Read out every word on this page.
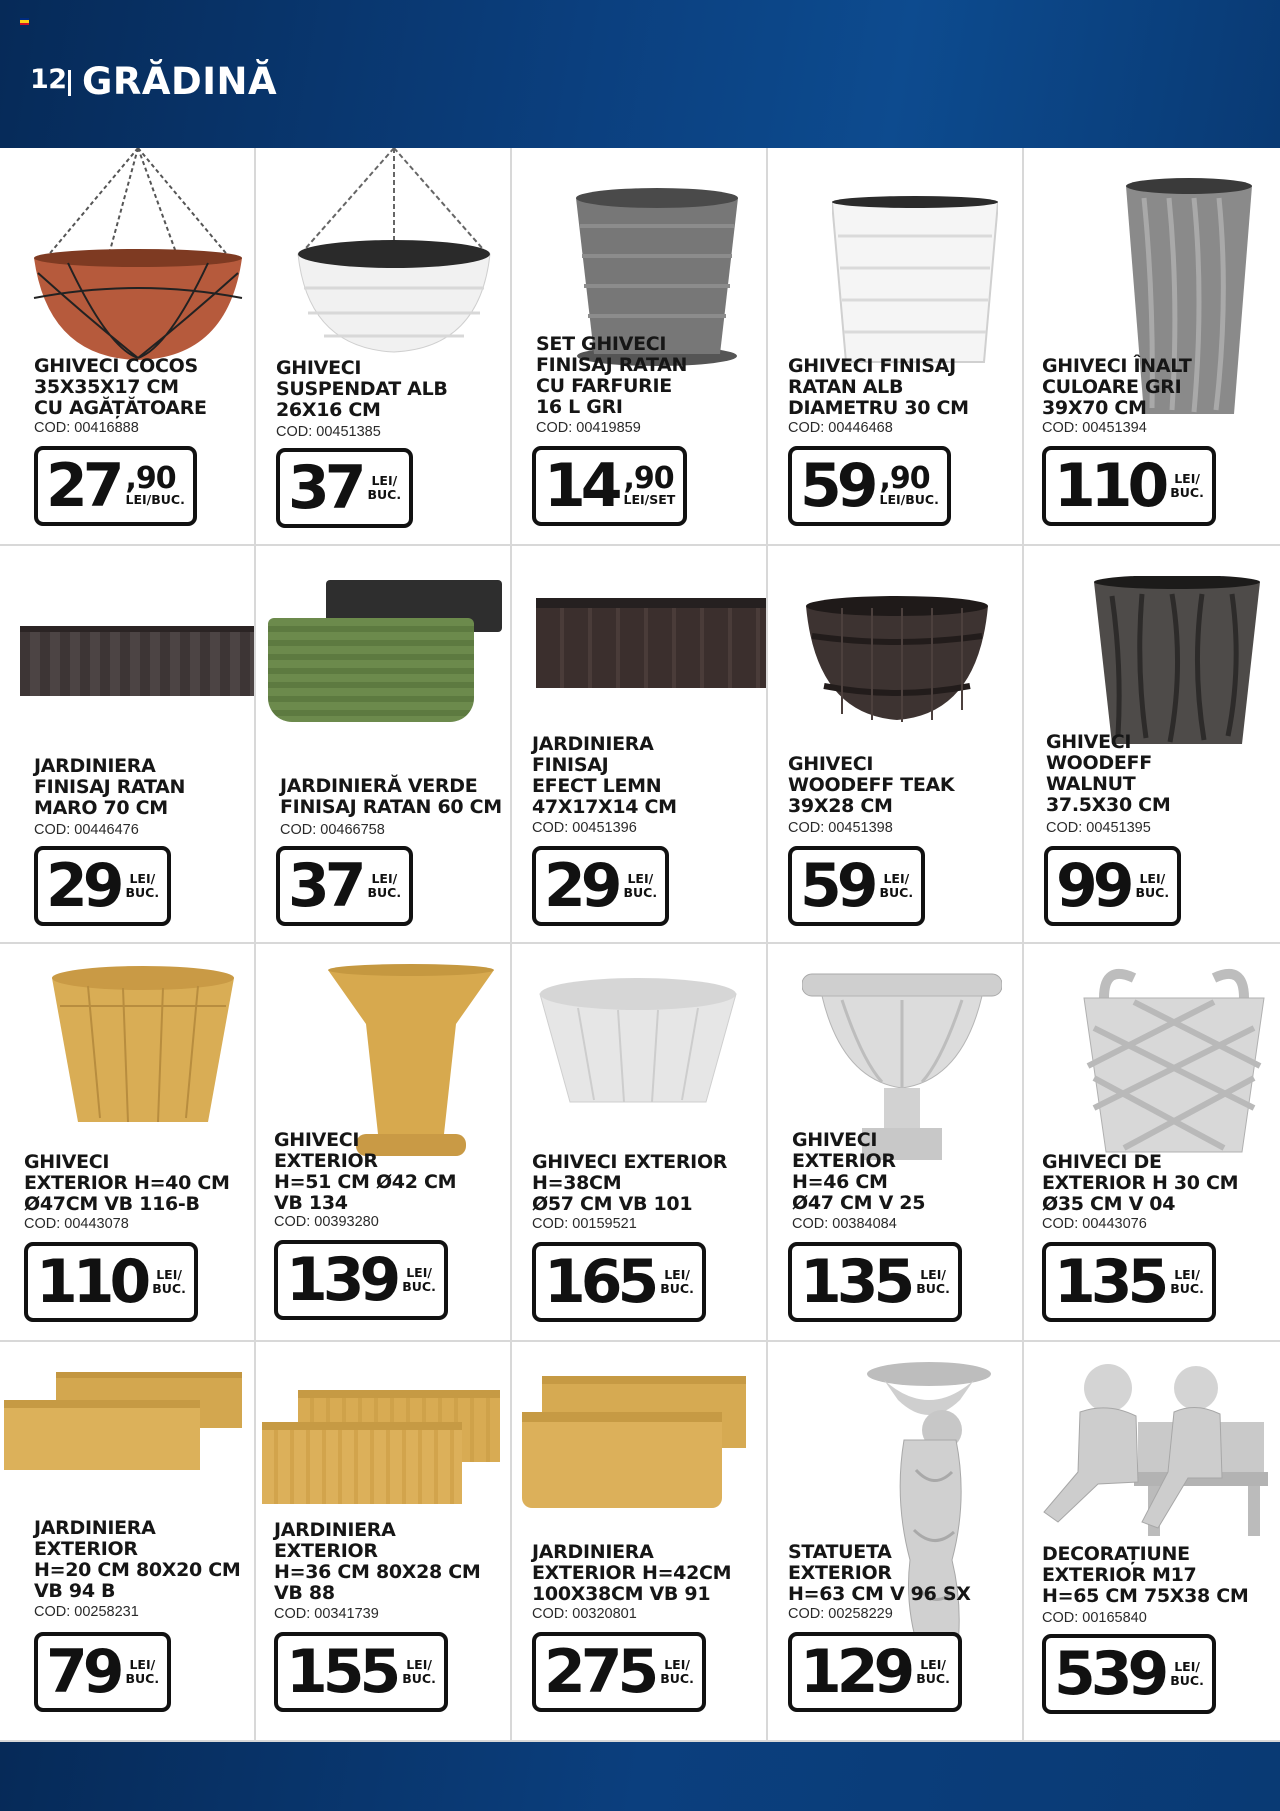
12 GRĂDINĂ
GHIVECI COCOS
35X35X17 CM
CU AGĂȚĂTOARE
COD: 00416888
27 ,90
LEI/BUC.
GHIVECI
SUSPENDAT ALB
26X16 CM
COD: 00451385
37 LEI/
BUC.
SET GHIVECI
FINISAJ RATAN
CU FARFURIE
16 L GRI
COD: 00419859
14 ,90
LEI/SET
GHIVECI FINISAJ
RATAN ALB
DIAMETRU 30 CM
COD: 00446468
59 ,90
LEI/BUC.
GHIVECI ÎNALT
CULOARE GRI
39X70 CM
COD: 00451394
110 LEI/
BUC.
JARDINIERA
FINISAJ RATAN
MARO 70 CM
COD: 00446476
29 LEI/
BUC.
JARDINIERĂ VERDE
FINISAJ RATAN 60 CM
COD: 00466758
37 LEI/
BUC.
JARDINIERA
FINISAJ
EFECT LEMN
47X17X14 CM
COD: 00451396
29 LEI/
BUC.
GHIVECI
WOODEFF TEAK
39X28 CM
COD: 00451398
59 LEI/
BUC.
GHIVECI
WOODEFF
WALNUT
37.5X30 CM
COD: 00451395
99 LEI/
BUC.
GHIVECI
EXTERIOR H=40 CM
Ø47CM VB 116-B
COD: 00443078
110 LEI/
BUC.
GHIVECI
EXTERIOR
H=51 CM Ø42 CM
VB 134
COD: 00393280
139 LEI/
BUC.
GHIVECI EXTERIOR
H=38CM
Ø57 CM VB 101
COD: 00159521
165 LEI/
BUC.
GHIVECI
EXTERIOR
H=46 CM
Ø47 CM V 25
COD: 00384084
135 LEI/
BUC.
GHIVECI DE
EXTERIOR H 30 CM
Ø35 CM V 04
COD: 00443076
135 LEI/
BUC.
JARDINIERA
EXTERIOR
H=20 CM 80X20 CM
VB 94 B
COD: 00258231
79 LEI/
BUC.
JARDINIERA
EXTERIOR
H=36 CM 80X28 CM
VB 88
COD: 00341739
155 LEI/
BUC.
JARDINIERA
EXTERIOR H=42CM
100X38CM VB 91
COD: 00320801
275 LEI/
BUC.
STATUETA
EXTERIOR
H=63 CM V 96 SX
COD: 00258229
129 LEI/
BUC.
DECORAȚIUNE
EXTERIOR M17
H=65 CM 75X38 CM
COD: 00165840
539 LEI/
BUC.
